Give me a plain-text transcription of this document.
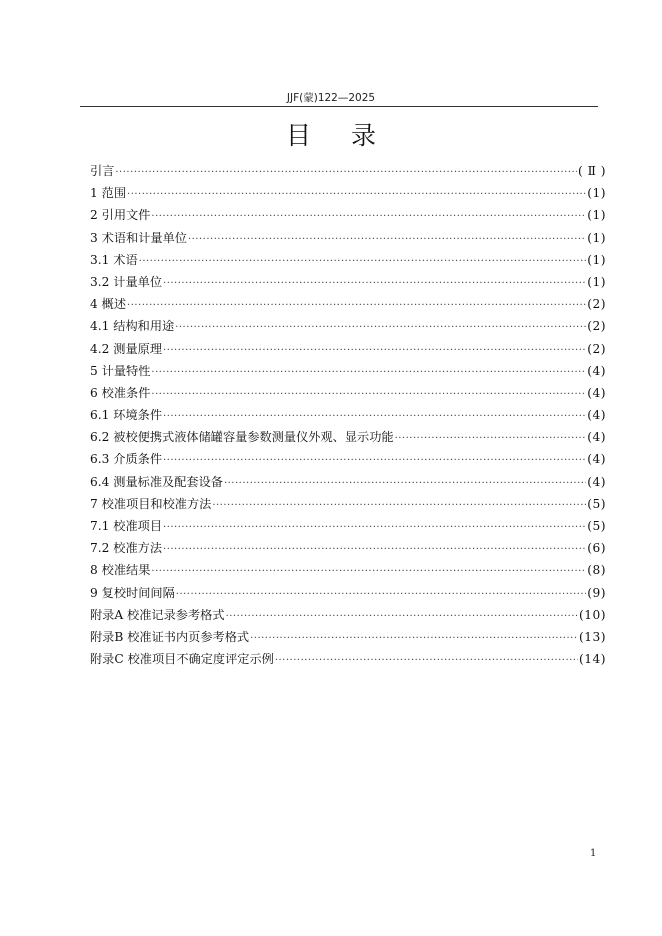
JJF(蒙)122—2025
目 录
引言 ·····	( Ⅱ )
1 范围 ·····	(1)
2 引用文件 ·····	(1)
3 术语和计量单位 ·····	(1)
3.1 术语 ·····	(1)
3.2 计量单位 ·····	(1)
4 概述 ·····	(2)
4.1 结构和用途 ·····	(2)
4.2 测量原理 ·····	(2)
5 计量特性 ·····	(4)
6 校准条件 ·····	(4)
6.1 环境条件 ·····	(4)
6.2 被校便携式液体储罐容量参数测量仪外观、显示功能 ·····	(4)
6.3 介质条件 ·····	(4)
6.4 测量标准及配套设备 ·····	(4)
7 校准项目和校准方法 ·····	(5)
7.1 校准项目 ·····	(5)
7.2 校准方法 ·····	(6)
8 校准结果 ·····	(8)
9 复校时间间隔 ·····	(9)
附录A 校准记录参考格式 ·····	(10)
附录B 校准证书内页参考格式 ·····	(13)
附录C 校准项目不确定度评定示例 ·····	(14)
1
